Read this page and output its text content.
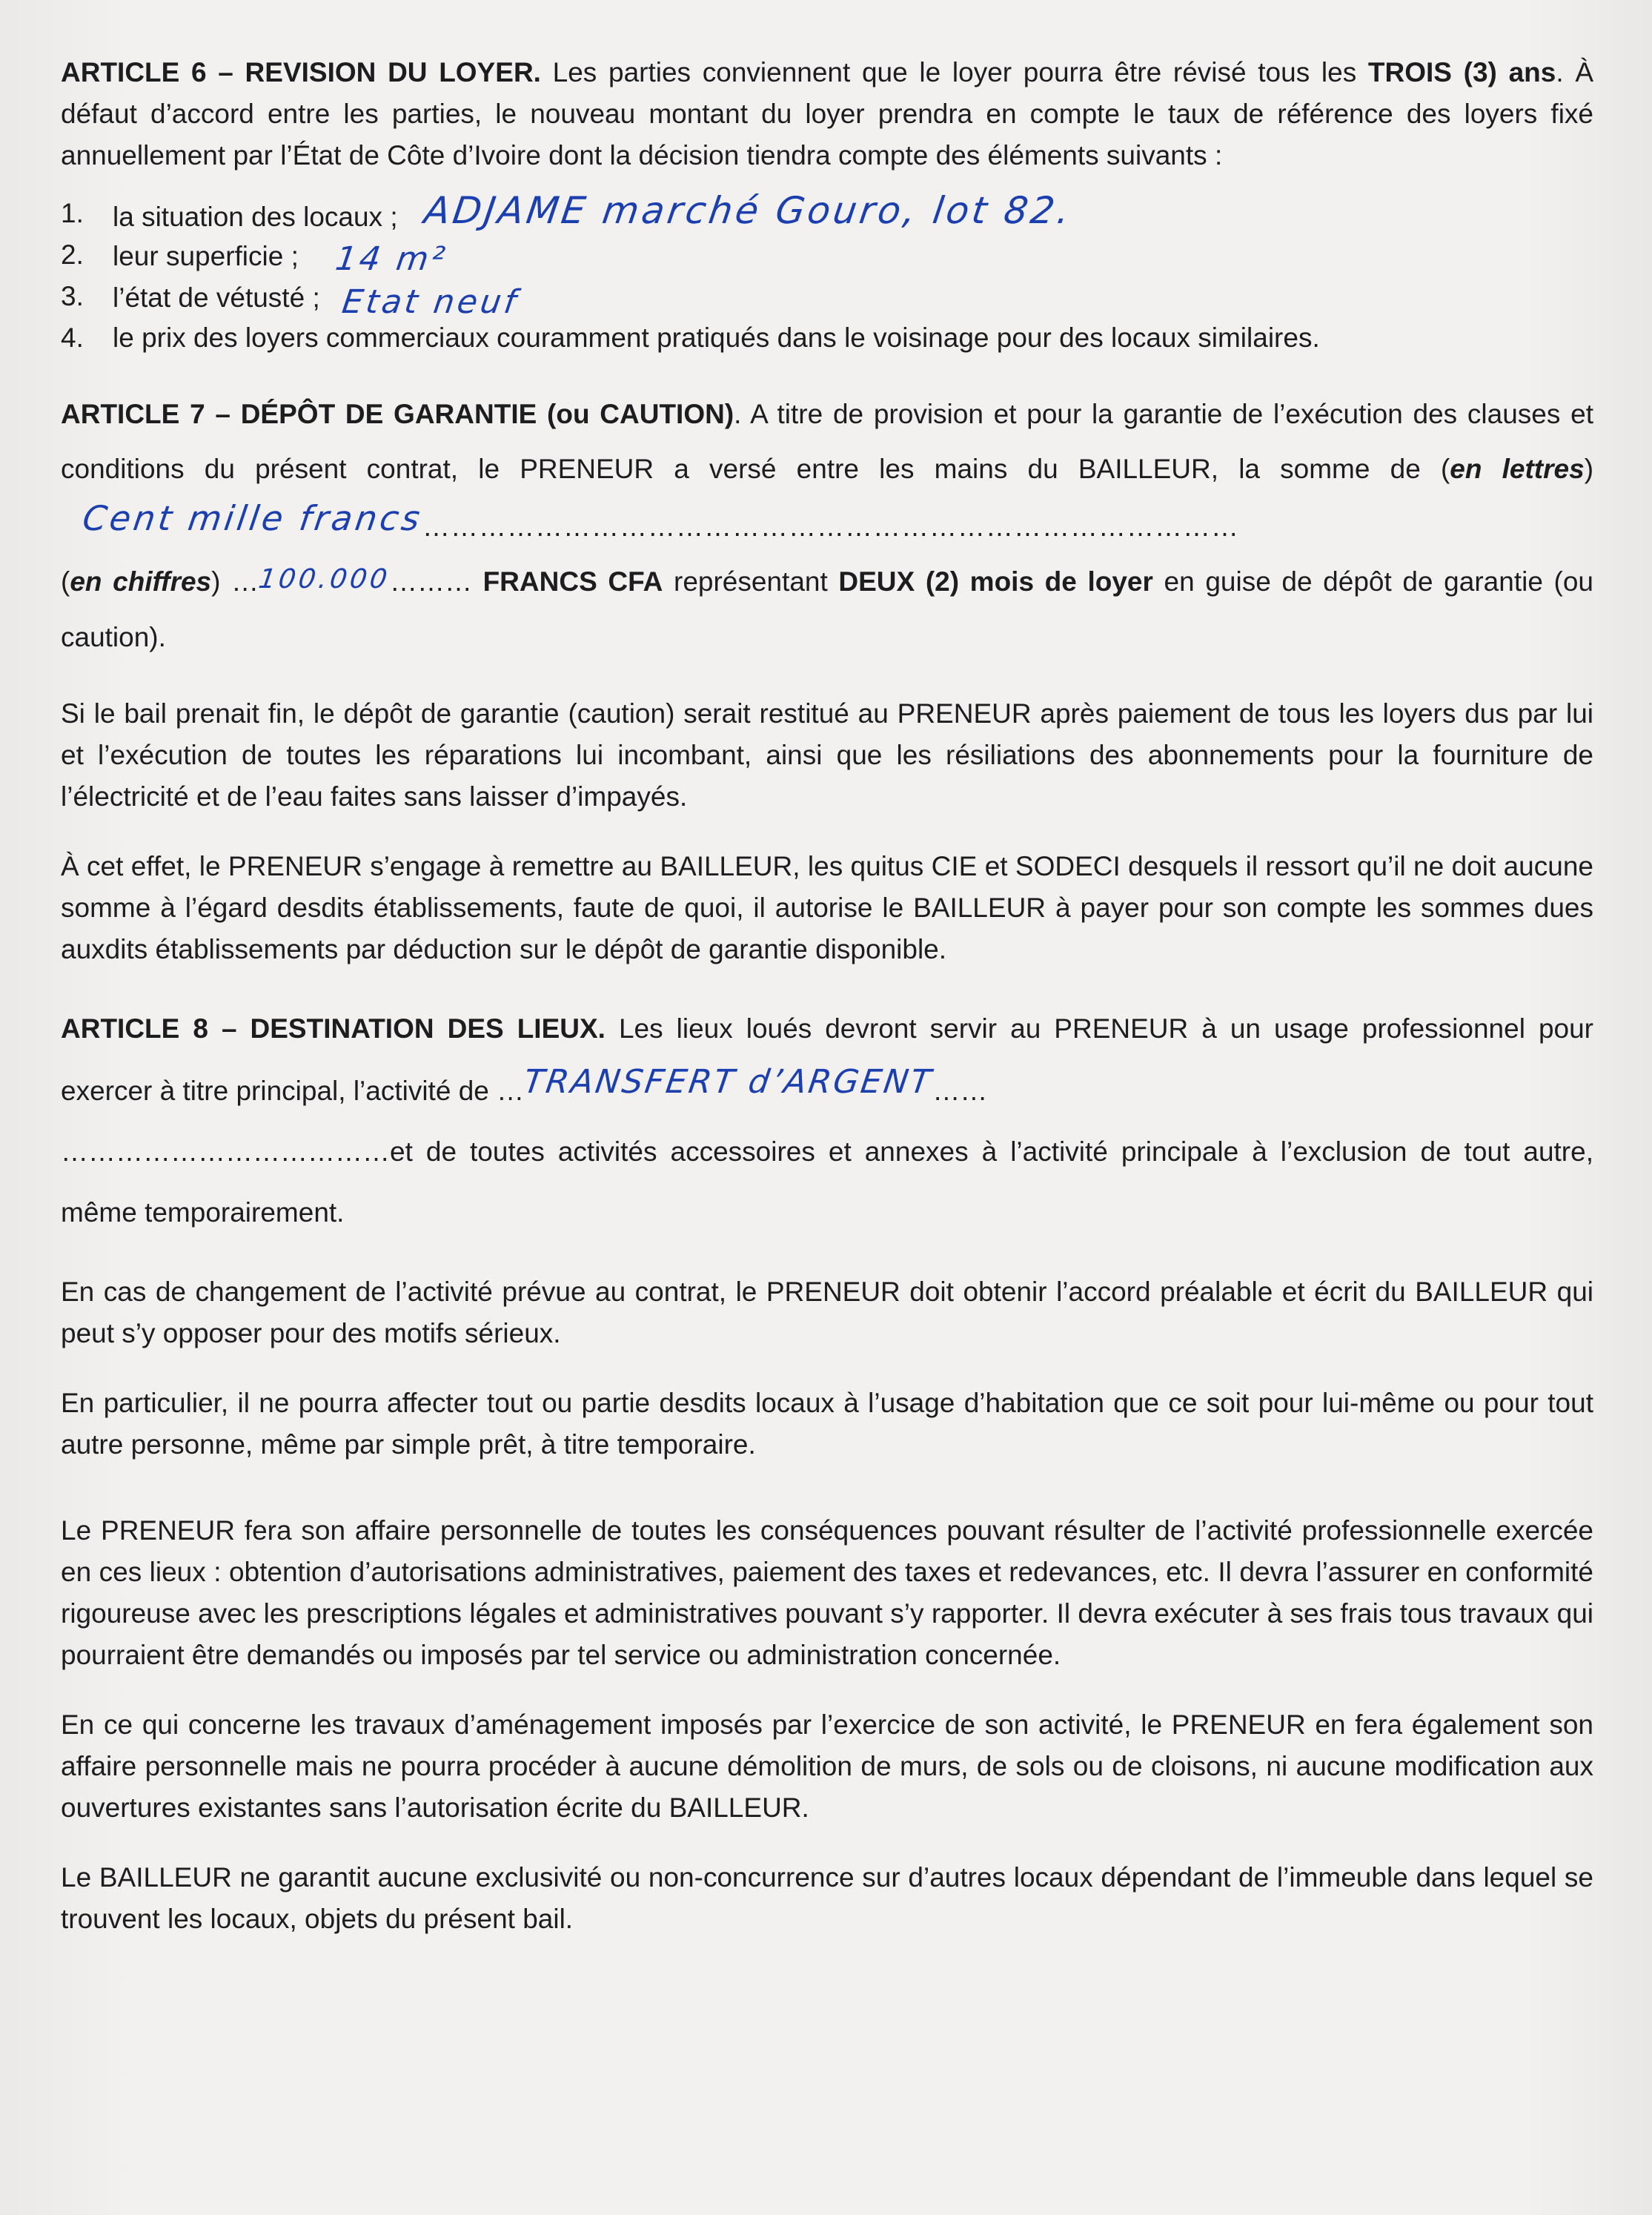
ARTICLE 6 – REVISION DU LOYER. Les parties conviennent que le loyer pourra être révisé tous les TROIS (3) ans. À défaut d’accord entre les parties, le nouveau montant du loyer prendra en compte le taux de référence des loyers fixé annuellement par l’État de Côte d’Ivoire dont la décision tiendra compte des éléments suivants :

1. la situation des locaux ; ADJAME marché Gouro, lot 82.
2. leur superficie ; 14 m²
3. l’état de vétusté ; Etat neuf
4. le prix des loyers commerciaux couramment pratiqués dans le voisinage pour des locaux similaires.

ARTICLE 7 – DÉPÔT DE GARANTIE (ou CAUTION). A titre de provision et pour la garantie de l’exécution des clauses et conditions du présent contrat, le PRENEUR a versé entre les mains du BAILLEUR, la somme de (en lettres)Cent mille francs……………………………………………………………………………
(en chiffres) …100.000……… FRANCS CFA représentant DEUX (2) mois de loyer en guise de dépôt de garantie (ou caution).

Si le bail prenait fin, le dépôt de garantie (caution) serait restitué au PRENEUR après paiement de tous les loyers dus par lui et l’exécution de toutes les réparations lui incombant, ainsi que les résiliations des abonnements pour la fourniture de l’électricité et de l’eau faites sans laisser d’impayés.

À cet effet, le PRENEUR s’engage à remettre au BAILLEUR, les quitus CIE et SODECI desquels il ressort qu’il ne doit aucune somme à l’égard desdits établissements, faute de quoi, il autorise le BAILLEUR à payer pour son compte les sommes dues auxdits établissements par déduction sur le dépôt de garantie disponible.

ARTICLE 8 – DESTINATION DES LIEUX. Les lieux loués devront servir au PRENEUR à un usage professionnel pour exercer à titre principal, l’activité de …TRANSFERT d’ARGENT……
………………………………et de toutes activités accessoires et annexes à l’activité principale à l’exclusion de tout autre, même temporairement.

En cas de changement de l’activité prévue au contrat, le PRENEUR doit obtenir l’accord préalable et écrit du BAILLEUR qui peut s’y opposer pour des motifs sérieux.

En particulier, il ne pourra affecter tout ou partie desdits locaux à l’usage d’habitation que ce soit pour lui-même ou pour tout autre personne, même par simple prêt, à titre temporaire.

Le PRENEUR fera son affaire personnelle de toutes les conséquences pouvant résulter de l’activité professionnelle exercée en ces lieux : obtention d’autorisations administratives, paiement des taxes et redevances, etc. Il devra l’assurer en conformité rigoureuse avec les prescriptions légales et administratives pouvant s’y rapporter. Il devra exécuter à ses frais tous travaux qui pourraient être demandés ou imposés par tel service ou administration concernée.

En ce qui concerne les travaux d’aménagement imposés par l’exercice de son activité, le PRENEUR en fera également son affaire personnelle mais ne pourra procéder à aucune démolition de murs, de sols ou de cloisons, ni aucune modification aux ouvertures existantes sans l’autorisation écrite du BAILLEUR.

Le BAILLEUR ne garantit aucune exclusivité ou non-concurrence sur d’autres locaux dépendant de l’immeuble dans lequel se trouvent les locaux, objets du présent bail.
